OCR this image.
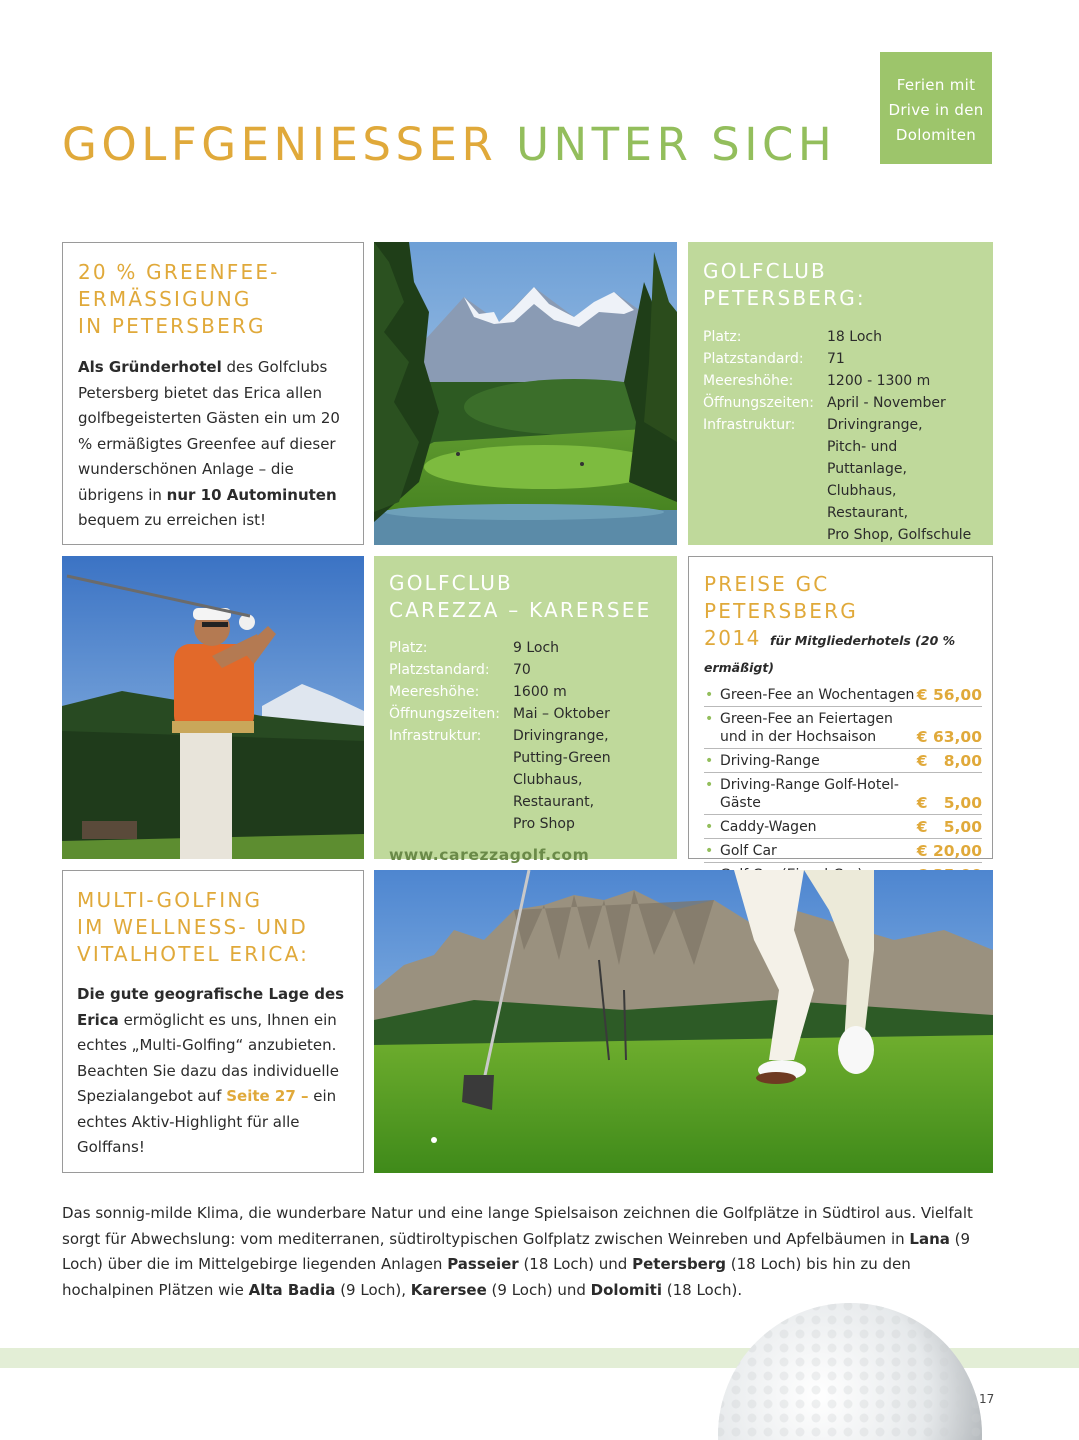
Ferien mit
Drive in den
Dolomiten
GOLFGENIESSER UNTER SICH
20 % GREENFEE-
ERMÄSSIGUNG
IN PETERSBERG

Als Gründerhotel des Golfclubs Petersberg bietet das Erica allen golfbegeisterten Gästen ein um 20 % ermäßigtes Greenfee auf dieser wunderschönen Anlage – die übrigens in nur 10 Autominuten bequem zu erreichen ist!

GOLFCLUB
PETERSBERG:
Platz:	18 Loch
Platzstandard:	71
Meereshöhe:	1200 - 1300 m
Öffnungszeiten: April - November
Infrastruktur:	Drivingrange,
Pitch- und Puttanlage,
Clubhaus, Restaurant,
Pro Shop, Golfschule
GOLFCLUB
CAREZZA – KARERSEE
Platz:	9 Loch
Platzstandard:	70
Meereshöhe:	1600 m
Öffnungszeiten: Mai – Oktober
Infrastruktur:	Drivingrange,
Putting-Green
Clubhaus, Restaurant,
Pro Shop
www.carezzagolf.com
PREISE GC PETERSBERG
2014 für Mitgliederhotels (20 % ermäßigt)
• Green-Fee an Wochentagen € 56,00
• Green-Fee an Feiertagen
und in der Hochsaison	€ 63,00
• Driving-Range	€   8,00
• Driving-Range Golf-Hotel-Gäste	€   5,00
• Caddy-Wagen	€   5,00
• Golf Car	€ 20,00
•
•
MULTI-GOLFING
IM WELLNESS- UND
VITALHOTEL ERICA:

Die gute geografische Lage des Erica ermöglicht es uns, Ihnen ein echtes „Multi-Golfing“ anzubieten. Beachten Sie dazu das individuelle Spezialangebot auf Seite 27 – ein echtes Aktiv-Highlight für alle Golffans!

Das sonnig-milde Klima, die wunderbare Natur und eine lange Spielsaison zeichnen die Golfplätze in Südtirol aus. Vielfalt sorgt für Abwechslung: vom mediterranen, südtiroltypischen Golfplatz zwischen Weinreben und Apfelbäumen in Lana (9 Loch) über die im Mittelgebirge liegenden Anlagen Passeier (18 Loch) und Petersberg (18 Loch) bis hin zu den hochalpinen Plätzen wie Alta Badia (9 Loch), Karersee (9 Loch) und Dolomiti (18 Loch).

17
